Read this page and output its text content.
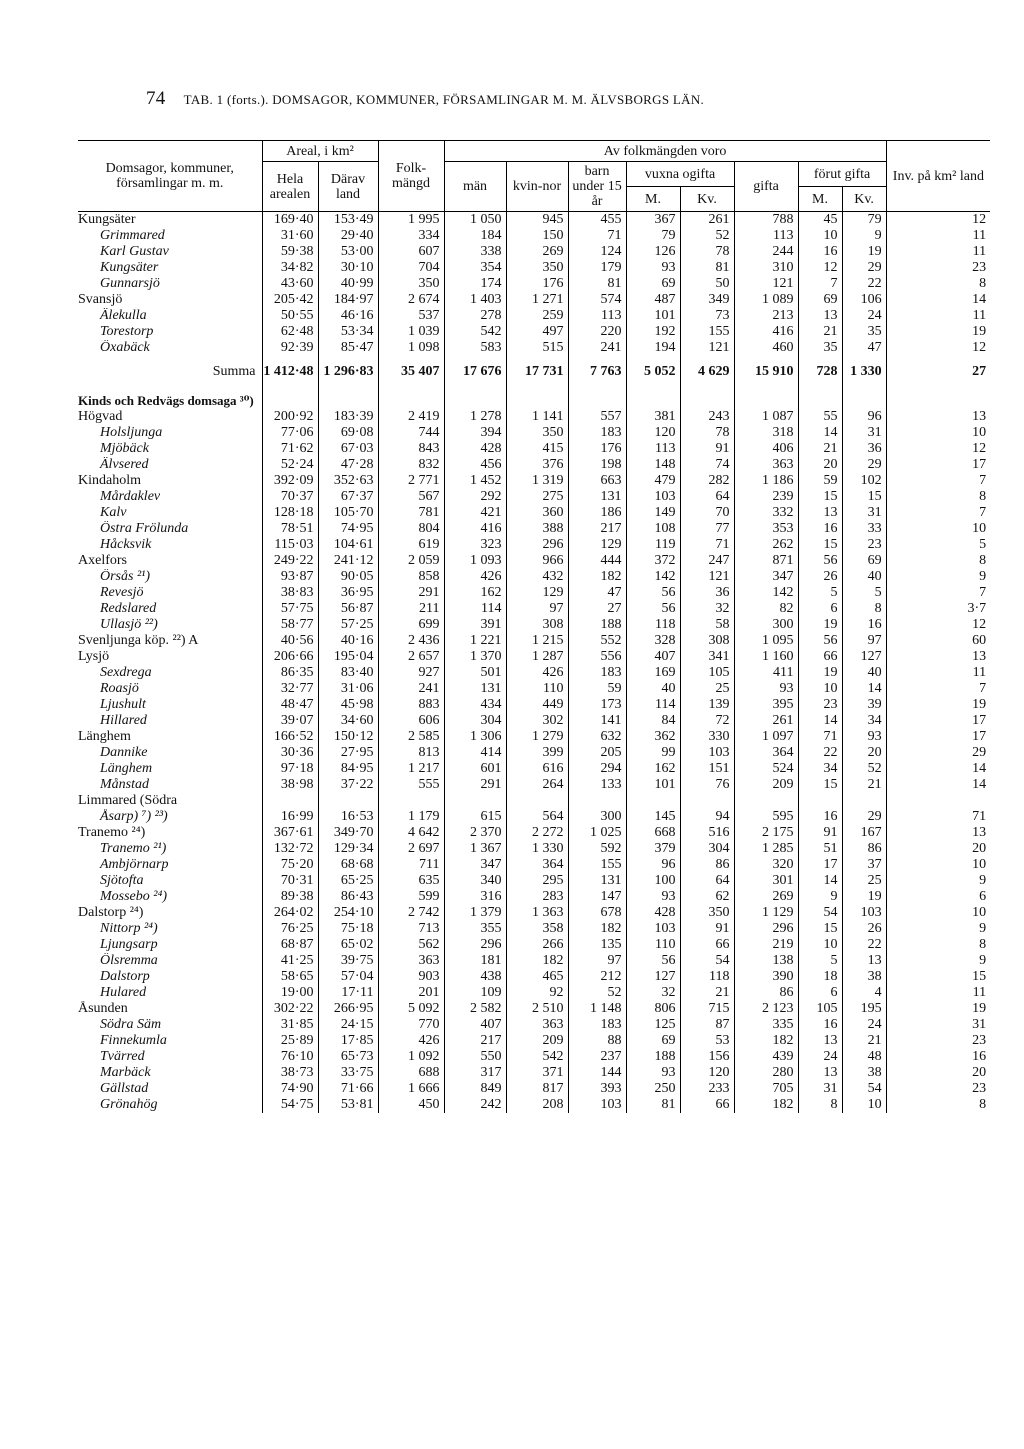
74 TAB. 1 (forts.). DOMSAGOR, KOMMUNER, FÖRSAMLINGAR M. M. ÄLVSBORGS LÄN.
Domsagor, kommuner, församlingar m. m.	Areal, i km²		Folk-mängd	Av folkmängden voro								Inv. på km² land
	Hela arealen	Därav land		män	kvin-nor	barn under 15 år	vuxna ogifta		gifta	förut gifta		
							M.	Kv.		M.	Kv.	
Kungsäter	169·40	153·49	1 995	1 050	945	455	367	261	788	45	79	12
Grimmared	31·60	29·40	334	184	150	71	79	52	113	10	9	11
Karl Gustav	59·38	53·00	607	338	269	124	126	78	244	16	19	11
Kungsäter	34·82	30·10	704	354	350	179	93	81	310	12	29	23
Gunnarsjö	43·60	40·99	350	174	176	81	69	50	121	7	22	8
Svansjö	205·42	184·97	2 674	1 403	1 271	574	487	349	1 089	69	106	14
Älekulla	50·55	46·16	537	278	259	113	101	73	213	13	24	11
Torestorp	62·48	53·34	1 039	542	497	220	192	155	416	21	35	19
Öxabäck	92·39	85·47	1 098	583	515	241	194	121	460	35	47	12
Summa	1 412·48	1 296·83	35 407	17 676	17 731	7 763	5 052	4 629	15 910	728	1 330	27
Kinds och Redvägs domsaga ³⁰)												
Högvad	200·92	183·39	2 419	1 278	1 141	557	381	243	1 087	55	96	13
Holsljunga	77·06	69·08	744	394	350	183	120	78	318	14	31	10
Mjöbäck	71·62	67·03	843	428	415	176	113	91	406	21	36	12
Älvsered	52·24	47·28	832	456	376	198	148	74	363	20	29	17
Kindaholm	392·09	352·63	2 771	1 452	1 319	663	479	282	1 186	59	102	7
Mårdaklev	70·37	67·37	567	292	275	131	103	64	239	15	15	8
Kalv	128·18	105·70	781	421	360	186	149	70	332	13	31	7
Östra Frölunda	78·51	74·95	804	416	388	217	108	77	353	16	33	10
Håcksvik	115·03	104·61	619	323	296	129	119	71	262	15	23	5
Axelfors	249·22	241·12	2 059	1 093	966	444	372	247	871	56	69	8
Örsås ²¹)	93·87	90·05	858	426	432	182	142	121	347	26	40	9
Revesjö	38·83	36·95	291	162	129	47	56	36	142	5	5	7
Redslared	57·75	56·87	211	114	97	27	56	32	82	6	8	3·7
Ullasjö ²²)	58·77	57·25	699	391	308	188	118	58	300	19	16	12
Svenljunga köp. ²²) A	40·56	40·16	2 436	1 221	1 215	552	328	308	1 095	56	97	60
Lysjö	206·66	195·04	2 657	1 370	1 287	556	407	341	1 160	66	127	13
Sexdrega	86·35	83·40	927	501	426	183	169	105	411	19	40	11
Roasjö	32·77	31·06	241	131	110	59	40	25	93	10	14	7
Ljushult	48·47	45·98	883	434	449	173	114	139	395	23	39	19
Hillared	39·07	34·60	606	304	302	141	84	72	261	14	34	17
Länghem	166·52	150·12	2 585	1 306	1 279	632	362	330	1 097	71	93	17
Dannike	30·36	27·95	813	414	399	205	99	103	364	22	20	29
Länghem	97·18	84·95	1 217	601	616	294	162	151	524	34	52	14
Månstad	38·98	37·22	555	291	264	133	101	76	209	15	21	14
Limmared (Södra												
Åsarp) ⁷) ²³)	16·99	16·53	1 179	615	564	300	145	94	595	16	29	71
Tranemo ²⁴)	367·61	349·70	4 642	2 370	2 272	1 025	668	516	2 175	91	167	13
Tranemo ²¹)	132·72	129·34	2 697	1 367	1 330	592	379	304	1 285	51	86	20
Ambjörnarp	75·20	68·68	711	347	364	155	96	86	320	17	37	10
Sjötofta	70·31	65·25	635	340	295	131	100	64	301	14	25	9
Mossebo ²⁴)	89·38	86·43	599	316	283	147	93	62	269	9	19	6
Dalstorp ²⁴)	264·02	254·10	2 742	1 379	1 363	678	428	350	1 129	54	103	10
Nittorp ²⁴)	76·25	75·18	713	355	358	182	103	91	296	15	26	9
Ljungsarp	68·87	65·02	562	296	266	135	110	66	219	10	22	8
Ölsremma	41·25	39·75	363	181	182	97	56	54	138	5	13	9
Dalstorp	58·65	57·04	903	438	465	212	127	118	390	18	38	15
Hulared	19·00	17·11	201	109	92	52	32	21	86	6	4	11
Åsunden	302·22	266·95	5 092	2 582	2 510	1 148	806	715	2 123	105	195	19
Södra Säm	31·85	24·15	770	407	363	183	125	87	335	16	24	31
Finnekumla	25·89	17·85	426	217	209	88	69	53	182	13	21	23
Tvärred	76·10	65·73	1 092	550	542	237	188	156	439	24	48	16
Marbäck	38·73	33·75	688	317	371	144	93	120	280	13	38	20
Gällstad	74·90	71·66	1 666	849	817	393	250	233	705	31	54	23
Grönahög	54·75	53·81	450	242	208	103	81	66	182	8	10	8
